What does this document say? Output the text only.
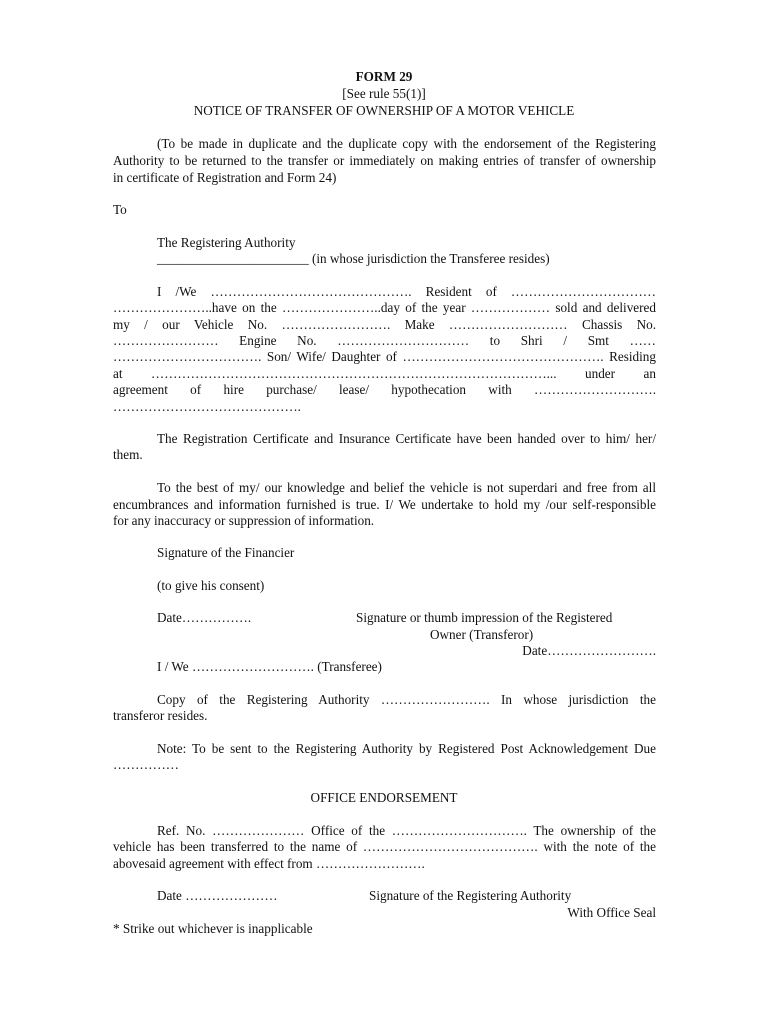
FORM 29
[See rule 55(1)]
NOTICE OF TRANSFER OF OWNERSHIP OF A MOTOR VEHICLE
(To be made in duplicate and the duplicate copy with the endorsement of the Registering
Authority to be returned to the transfer or immediately on making entries of transfer of ownership
in certificate of Registration and Form 24)
To
The Registering Authority
_______________________ (in whose jurisdiction the Transferee resides)
I /We ………………………………………. Resident of ……………………………
…………………..have on the …………………..day of the year ……………… sold and delivered
my / our Vehicle No. ……………………. Make ……………………… Chassis No.
…………………… Engine No. ………………………… to Shri / Smt ……
……………………………. Son/ Wife/ Daughter of ………………………………………. Residing
at ………………………………………………………………………………... under an
agreement of hire purchase/ lease/ hypothecation with ……………………….
…………………………………….
The Registration Certificate and Insurance Certificate have been handed over to him/ her/
them.
To the best of my/ our knowledge and belief the vehicle is not superdari and free from all
encumbrances and information furnished is true. I/ We undertake to hold my /our self-responsible
for any inaccuracy or suppression of information.
Signature of the Financier
(to give his consent)
Date…………….	Signature or thumb impression of the Registered
Owner (Transferor)
Date…………………….
I / We ………………………. (Transferee)
Copy of the Registering Authority ……………………. In whose jurisdiction the
transferor resides.
Note: To be sent to the Registering Authority by Registered Post Acknowledgement Due
……………
OFFICE ENDORSEMENT
Ref. No. ………………… Office of the …………………………. The ownership of the
vehicle has been transferred to the name of …………………………………. with the note of the
abovesaid agreement with effect from …………………….
Date …………………	Signature of the Registering Authority
With Office Seal
* Strike out whichever is inapplicable
